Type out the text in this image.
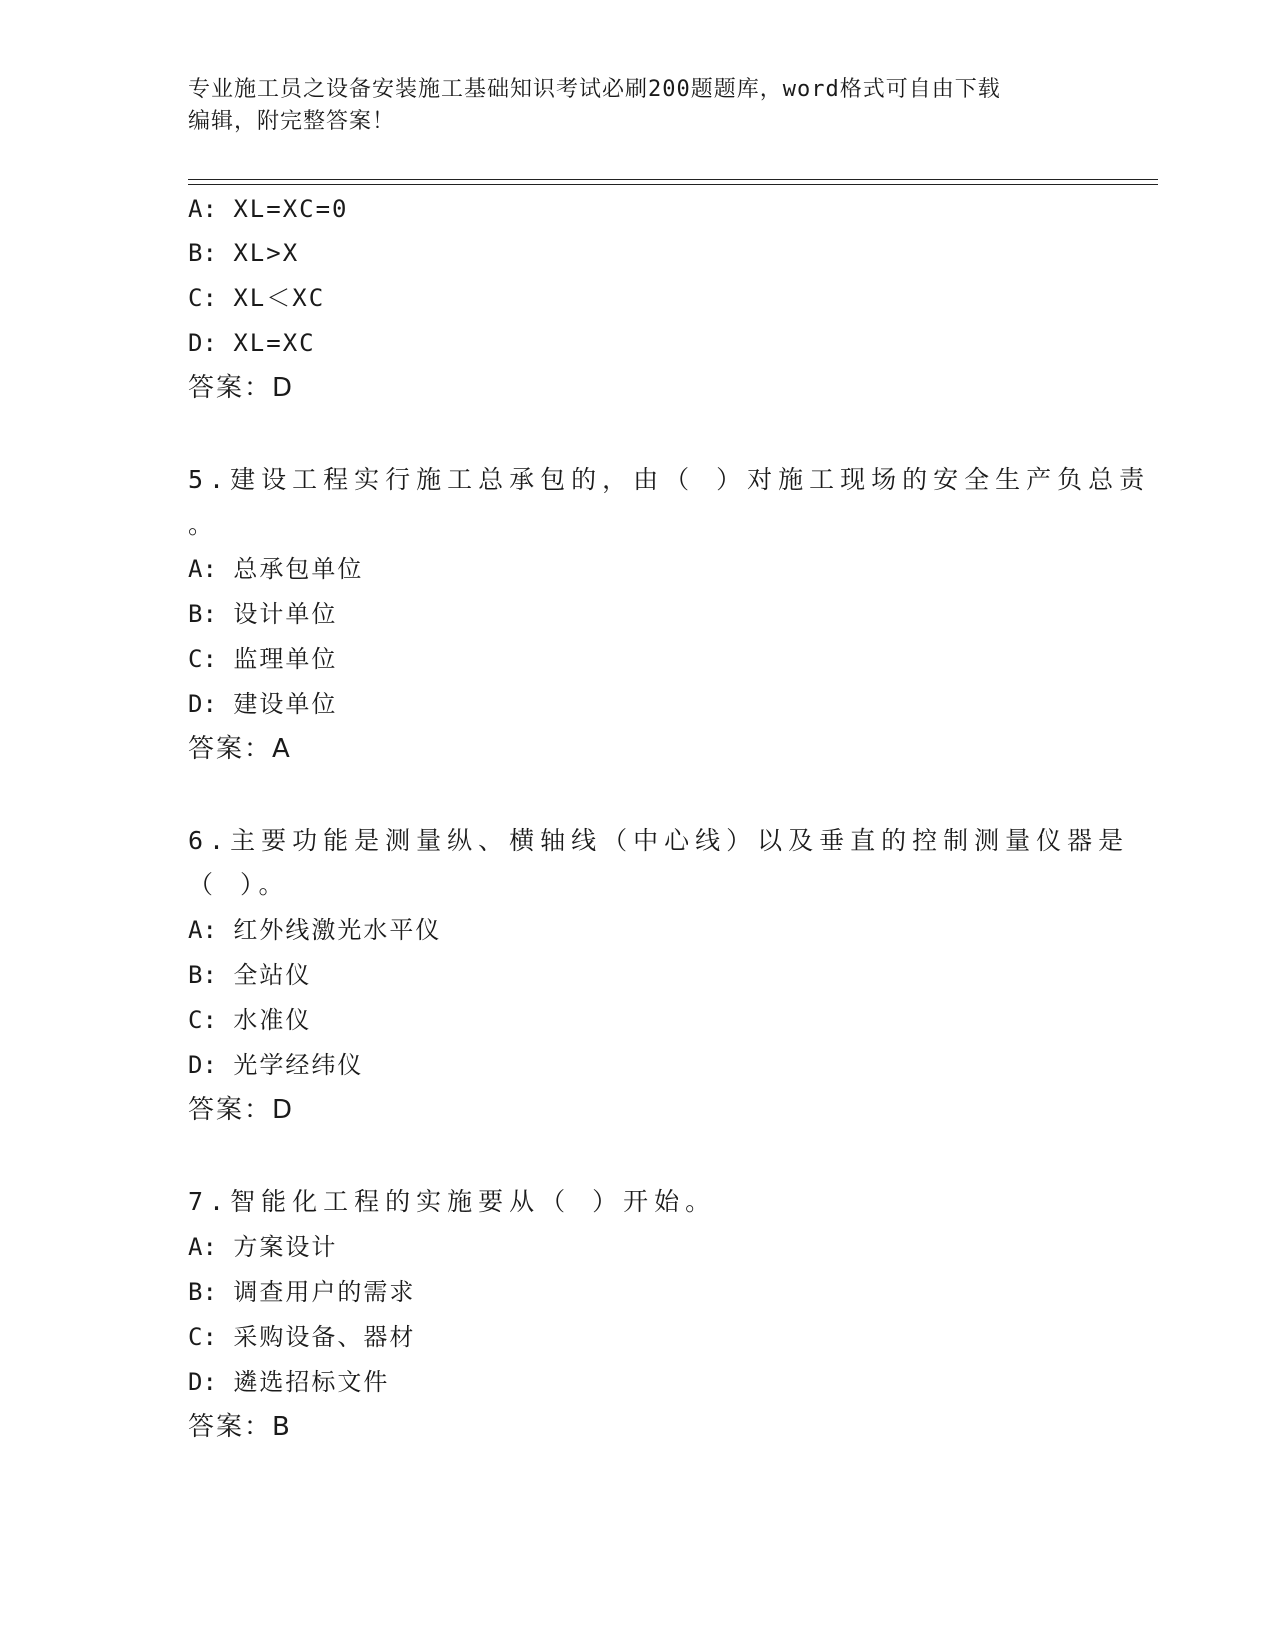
专业施工员之设备安装施工基础知识考试必刷200题题库，word格式可自由下载
编辑，附完整答案！
A: XL=XC=0
B: XL>X
C: XL＜XC
D: XL=XC
答案：D
5.建设工程实行施工总承包的，由（ ）对施工现场的安全生产负总责
。
A: 总承包单位
B: 设计单位
C: 监理单位
D: 建设单位
答案：A
6.主要功能是测量纵、横轴线（中心线）以及垂直的控制测量仪器是
（ ）。
A: 红外线激光水平仪
B: 全站仪
C: 水准仪
D: 光学经纬仪
答案：D
7.智能化工程的实施要从（ ）开始。
A: 方案设计
B: 调查用户的需求
C: 采购设备、器材
D: 遴选招标文件
答案：B
